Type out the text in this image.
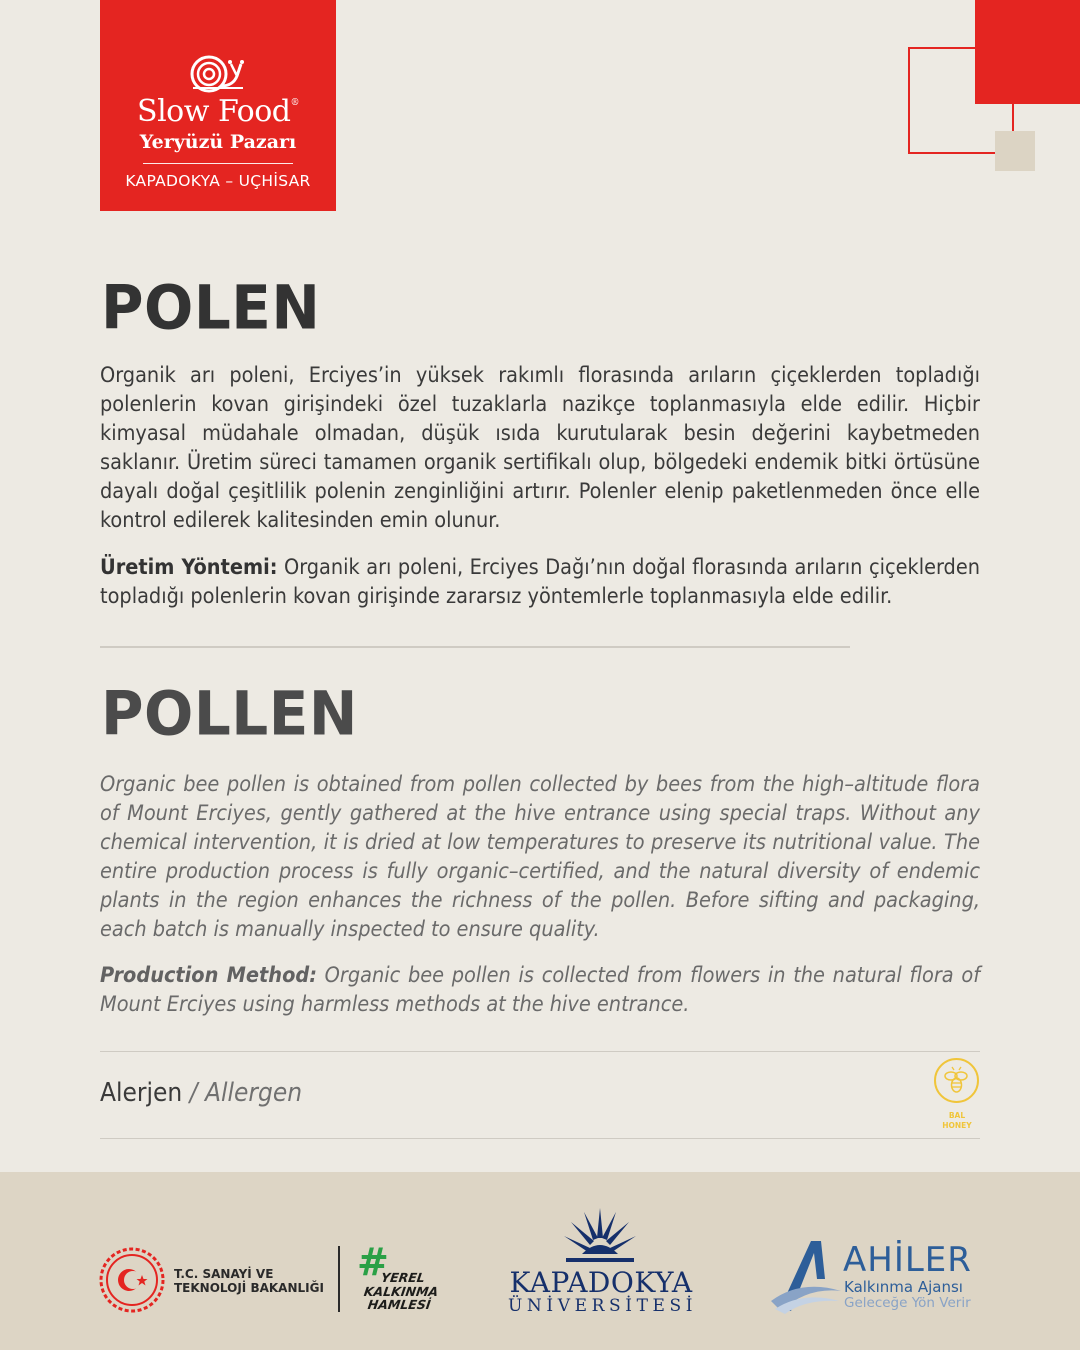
Slow Food®
Yeryüzü Pazarı
KAPADOKYA – UÇHİSAR
POLEN

Organik arı poleni, Erciyes’in yüksek rakımlı florasında arıların çiçeklerden topladığı polenlerin kovan girişindeki özel tuzaklarla nazikçe toplanmasıyla elde edilir. Hiçbir kimyasal müdahale olmadan, düşük ısıda kurutularak besin değerini kaybetmeden saklanır. Üretim süreci tamamen organik sertifikalı olup, bölgedeki endemik bitki örtüsüne dayalı doğal çeşitlilik polenin zenginliğini artırır. Polenler elenip paketlenmeden önce elle kontrol edilerek kalitesinden emin olunur.

Üretim Yöntemi: Organik arı poleni, Erciyes Dağı’nın doğal florasında arıların çiçeklerden topladığı polenlerin kovan girişinde zararsız yöntemlerle toplanmasıyla elde edilir.

POLLEN

Organic bee pollen is obtained from pollen collected by bees from the high–altitude flora of Mount Erciyes, gently gathered at the hive entrance using special traps. Without any chemical intervention, it is dried at low temperatures to preserve its nutritional value. The entire production process is fully organic–certified, and the natural diversity of endemic plants in the region enhances the richness of the pollen. Before sifting and packaging, each batch is manually inspected to ensure quality.

Production Method: Organic bee pollen is collected from flowers in the natural flora of Mount Erciyes using harmless methods at the hive entrance.

Alerjen / Allergen
BAL
HONEY
T.C. SANAYİ VE
TEKNOLOJİ BAKANLIĞI
#
YEREL
KALKINMA
HAMLESİ
KAPADOKYA
ÜNİVERSİTESİ
AHİLER
Kalkınma Ajansı
Geleceğe Yön Verir
